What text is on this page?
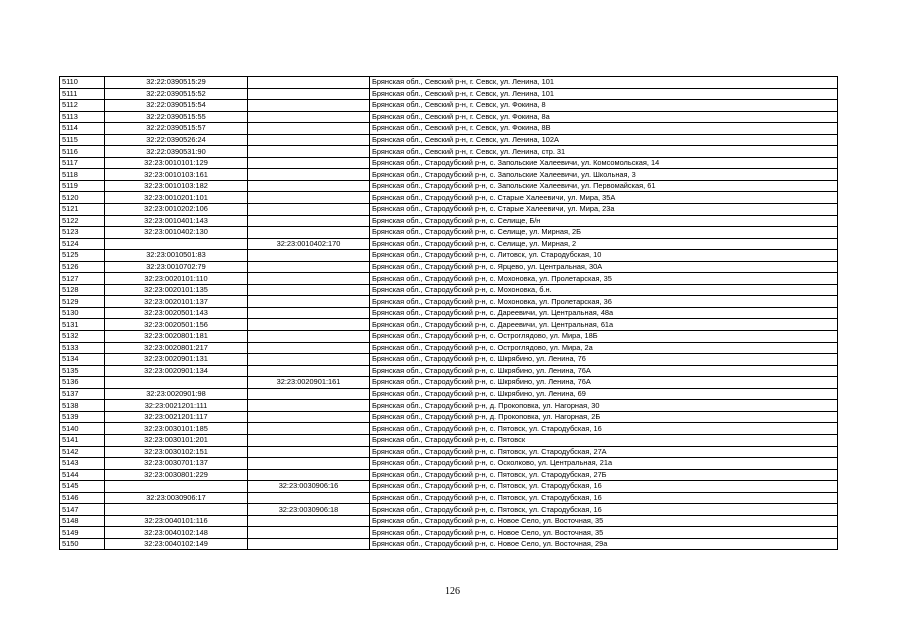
5110	32:22:0390515:29		Брянская обл., Севский р-н, г. Севск, ул. Ленина, 101
5111	32:22:0390515:52		Брянская обл., Севский р-н, г. Севск, ул. Ленина, 101
5112	32:22:0390515:54		Брянская обл., Севский р-н, г. Севск, ул. Фокина, 8
5113	32:22:0390515:55		Брянская обл., Севский р-н, г. Севск, ул. Фокина, 8а
5114	32:22:0390515:57		Брянская обл., Севский р-н, г. Севск, ул. Фокина, 8В
5115	32:22:0390526:24		Брянская обл., Севский р-н, г. Севск, ул. Ленина, 102А
5116	32:22:0390531:90		Брянская обл., Севский р-н, г. Севск, ул. Ленина, стр. 31
5117	32:23:0010101:129		Брянская обл., Стародубский р-н, с. Запольские Халеевичи, ул. Комсомольская, 14
5118	32:23:0010103:161		Брянская обл., Стародубский р-н, с. Запольские Халеевичи, ул. Школьная, 3
5119	32:23:0010103:182		Брянская обл., Стародубский р-н, с. Запольские Халеевичи, ул. Первомайская, 61
5120	32:23:0010201:101		Брянская обл., Стародубский р-н, с. Старые Халеевичи, ул. Мира, 35А
5121	32:23:0010202:106		Брянская обл., Стародубский р-н, с. Старые Халеевичи, ул. Мира, 23а
5122	32:23:0010401:143		Брянская обл., Стародубский р-н, с. Селище, Б/н
5123	32:23:0010402:130		Брянская обл., Стародубский р-н, с. Селище, ул. Мирная, 2Б
5124		32:23:0010402:170	Брянская обл., Стародубский р-н, с. Селище, ул. Мирная, 2
5125	32:23:0010501:83		Брянская обл., Стародубский р-н, с. Литовск, ул. Стародубская, 10
5126	32:23:0010702:79		Брянская обл., Стародубский р-н, с. Ярцево, ул. Центральная, 30А
5127	32:23:0020101:110		Брянская обл., Стародубский р-н, с. Мохоновка, ул. Пролетарская, 35
5128	32:23:0020101:135		Брянская обл., Стародубский р-н, с. Мохоновка, б.н.
5129	32:23:0020101:137		Брянская обл., Стародубский р-н, с. Мохоновка, ул. Пролетарская, 36
5130	32:23:0020501:143		Брянская обл., Стародубский р-н, с. Дареевичи, ул. Центральная, 48а
5131	32:23:0020501:156		Брянская обл., Стародубский р-н, с. Дареевичи, ул. Центральная, 61а
5132	32:23:0020801:181		Брянская обл., Стародубский р-н, с. Остроглядово, ул. Мира, 18Б
5133	32:23:0020801:217		Брянская обл., Стародубский р-н, с. Остроглядово, ул. Мира, 2а
5134	32:23:0020901:131		Брянская обл., Стародубский р-н, с. Шкрябино, ул. Ленина, 76
5135	32:23:0020901:134		Брянская обл., Стародубский р-н, с. Шкрябино, ул. Ленина, 76А
5136		32:23:0020901:161	Брянская обл., Стародубский р-н, с. Шкрябино, ул. Ленина, 76А
5137	32:23:0020901:98		Брянская обл., Стародубский р-н, с. Шкрябино, ул. Ленина, 69
5138	32:23:0021201:111		Брянская обл., Стародубский р-н, д. Прокоповка, ул. Нагорная, 30
5139	32:23:0021201:117		Брянская обл., Стародубский р-н, д. Прокоповка, ул. Нагорная, 2Б
5140	32:23:0030101:185		Брянская обл., Стародубский р-н, с. Пятовск, ул. Стародубская, 16
5141	32:23:0030101:201		Брянская обл., Стародубский р-н, с. Пятовск
5142	32:23:0030102:151		Брянская обл., Стародубский р-н, с. Пятовск, ул. Стародубская, 27А
5143	32:23:0030701:137		Брянская обл., Стародубский р-н, с. Осколково, ул. Центральная, 21а
5144	32:23:0030801:229		Брянская обл., Стародубский р-н, с. Пятовск, ул. Стародубская, 27Б
5145		32:23:0030906:16	Брянская обл., Стародубский р-н, с. Пятовск, ул. Стародубская, 16
5146	32:23:0030906:17		Брянская обл., Стародубский р-н, с. Пятовск, ул. Стародубская, 16
5147		32:23:0030906:18	Брянская обл., Стародубский р-н, с. Пятовск, ул. Стародубская, 16
5148	32:23:0040101:116		Брянская обл., Стародубский р-н, с. Новое Село, ул. Восточная, 35
5149	32:23:0040102:148		Брянская обл., Стародубский р-н, с. Новое Село, ул. Восточная, 35
5150	32:23:0040102:149		Брянская обл., Стародубский р-н, с. Новое Село, ул. Восточная, 29а
126
